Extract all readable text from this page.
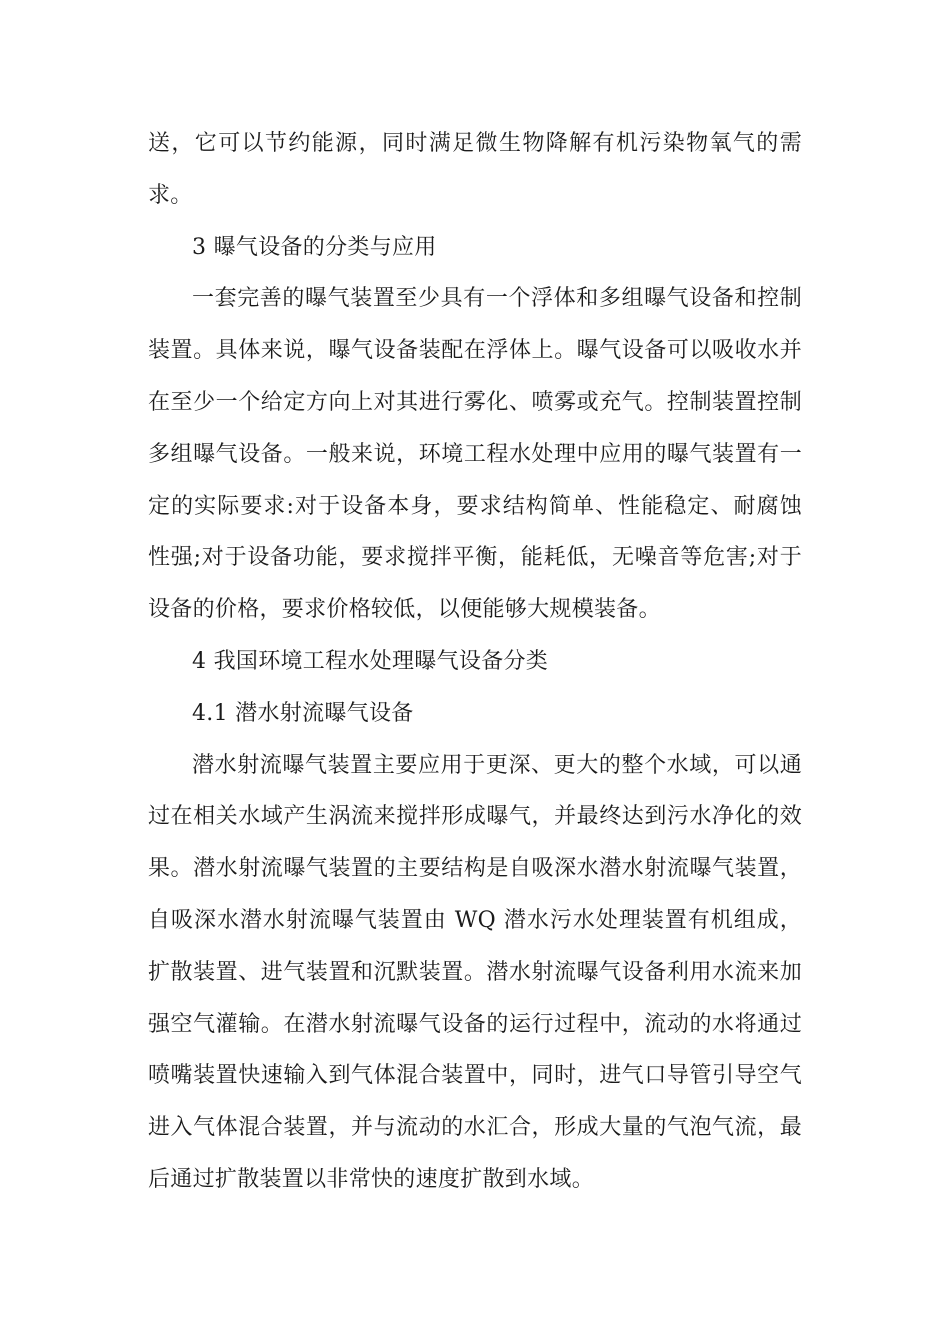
送，它可以节约能源，同时满足微生物降解有机污染物氧气的需求。

3 曝气设备的分类与应用

一套完善的曝气装置至少具有一个浮体和多组曝气设备和控制装置。具体来说，曝气设备装配在浮体上。曝气设备可以吸收水并在至少一个给定方向上对其进行雾化、喷雾或充气。控制装置控制多组曝气设备。一般来说，环境工程水处理中应用的曝气装置有一定的实际要求:对于设备本身，要求结构简单、性能稳定、耐腐蚀性强;对于设备功能，要求搅拌平衡，能耗低，无噪音等危害;对于设备的价格，要求价格较低，以便能够大规模装备。

4 我国环境工程水处理曝气设备分类

4.1 潜水射流曝气设备

潜水射流曝气装置主要应用于更深、更大的整个水域，可以通过在相关水域产生涡流来搅拌形成曝气，并最终达到污水净化的效果。潜水射流曝气装置的主要结构是自吸深水潜水射流曝气装置，自吸深水潜水射流曝气装置由 WQ 潜水污水处理装置有机组成，扩散装置、进气装置和沉默装置。潜水射流曝气设备利用水流来加强空气灌输。在潜水射流曝气设备的运行过程中，流动的水将通过喷嘴装置快速输入到气体混合装置中，同时，进气口导管引导空气进入气体混合装置，并与流动的水汇合，形成大量的气泡气流，最后通过扩散装置以非常快的速度扩散到水域。
